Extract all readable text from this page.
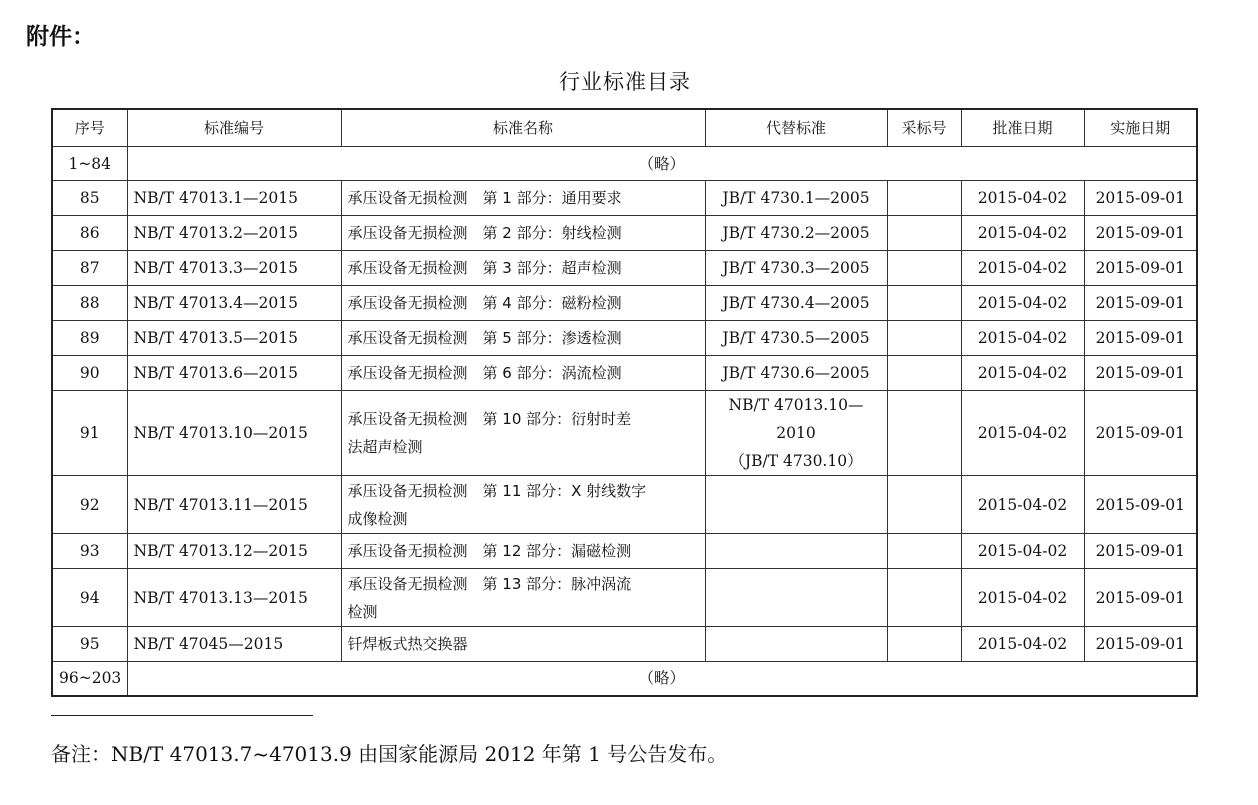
附件：
行业标准目录
序号	标准编号	标准名称	代替标准	采标号	批准日期	实施日期
1~84	（略）					
85	NB/T 47013.1—2015	承压设备无损检测　第 1 部分：通用要求	JB/T 4730.1—2005		2015-04-02	2015-09-01
86	NB/T 47013.2—2015	承压设备无损检测　第 2 部分：射线检测	JB/T 4730.2—2005		2015-04-02	2015-09-01
87	NB/T 47013.3—2015	承压设备无损检测　第 3 部分：超声检测	JB/T 4730.3—2005		2015-04-02	2015-09-01
88	NB/T 47013.4—2015	承压设备无损检测　第 4 部分：磁粉检测	JB/T 4730.4—2005		2015-04-02	2015-09-01
89	NB/T 47013.5—2015	承压设备无损检测　第 5 部分：渗透检测	JB/T 4730.5—2005		2015-04-02	2015-09-01
90	NB/T 47013.6—2015	承压设备无损检测　第 6 部分：涡流检测	JB/T 4730.6—2005		2015-04-02	2015-09-01
91	NB/T 47013.10—2015	承压设备无损检测　第 10 部分：衍射时差
法超声检测	NB/T 47013.10—2010
（JB/T 4730.10）		2015-04-02	2015-09-01
92	NB/T 47013.11—2015	承压设备无损检测　第 11 部分：X 射线数字
成像检测			2015-04-02	2015-09-01
93	NB/T 47013.12—2015	承压设备无损检测　第 12 部分：漏磁检测			2015-04-02	2015-09-01
94	NB/T 47013.13—2015	承压设备无损检测　第 13 部分：脉冲涡流
检测			2015-04-02	2015-09-01
95	NB/T 47045—2015	钎焊板式热交换器			2015-04-02	2015-09-01
96~203	（略）					
备注：NB/T 47013.7~47013.9 由国家能源局 2012 年第 1 号公告发布。
